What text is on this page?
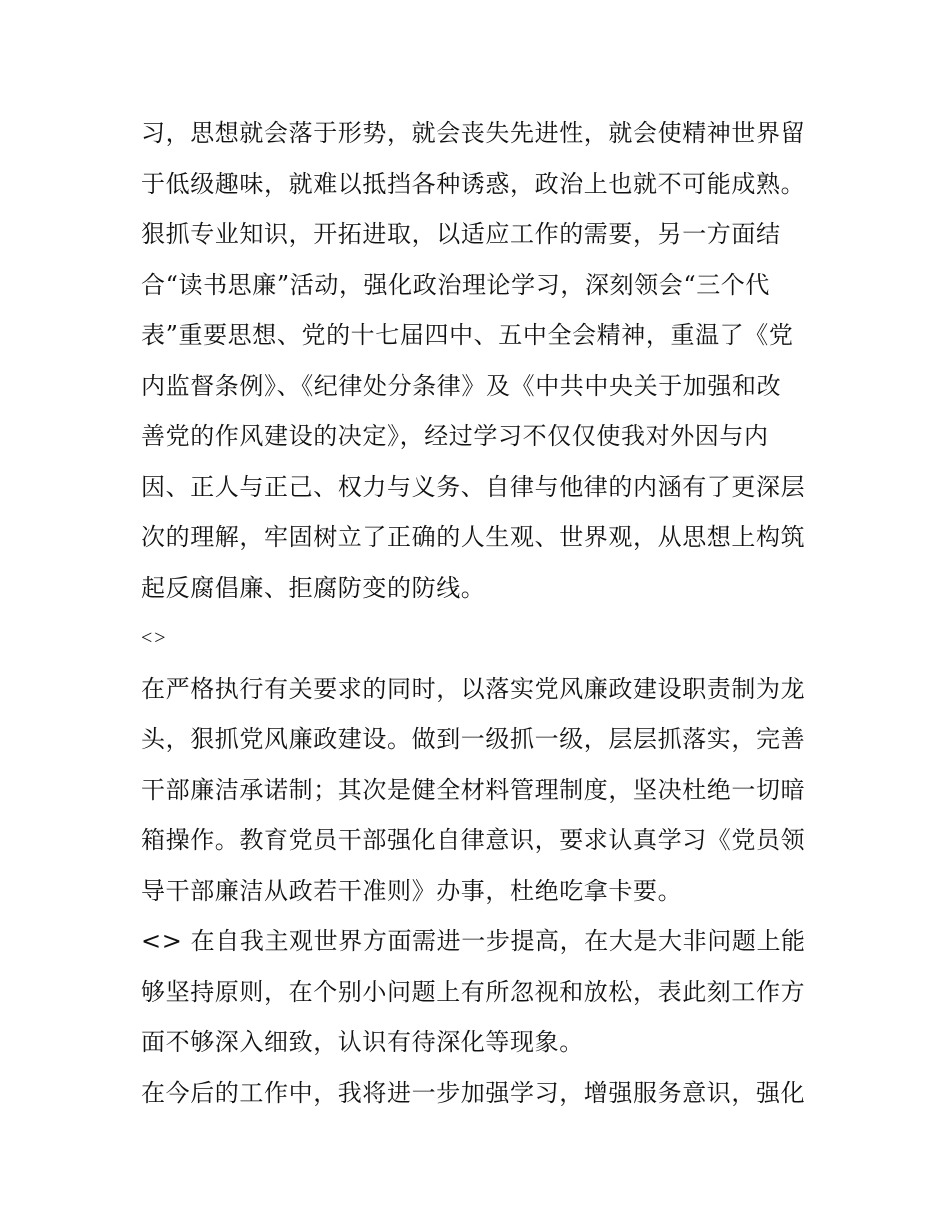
习，思想就会落于形势，就会丧失先进性，就会使精神世界留
于低级趣味，就难以抵挡各种诱惑，政治上也就不可能成熟。
狠抓专业知识，开拓进取，以适应工作的需要，另一方面结
合“读书思廉”活动，强化政治理论学习，深刻领会“三个代
表”重要思想、党的十七届四中、五中全会精神，重温了《党
内监督条例》、《纪律处分条律》及《中共中央关于加强和改
善党的作风建设的决定》，经过学习不仅仅使我对外因与内
因、正人与正己、权力与义务、自律与他律的内涵有了更深层
次的理解，牢固树立了正确的人生观、世界观，从思想上构筑
起反腐倡廉、拒腐防变的防线。
<>
在严格执行有关要求的同时，以落实党风廉政建设职责制为龙
头，狠抓党风廉政建设。做到一级抓一级，层层抓落实，完善
干部廉洁承诺制；其次是健全材料管理制度，坚决杜绝一切暗
箱操作。教育党员干部强化自律意识，要求认真学习《党员领
导干部廉洁从政若干准则》办事，杜绝吃拿卡要。
<> 在自我主观世界方面需进一步提高，在大是大非问题上能
够坚持原则，在个别小问题上有所忽视和放松，表此刻工作方
面不够深入细致，认识有待深化等现象。
在今后的工作中，我将进一步加强学习，增强服务意识，强化
